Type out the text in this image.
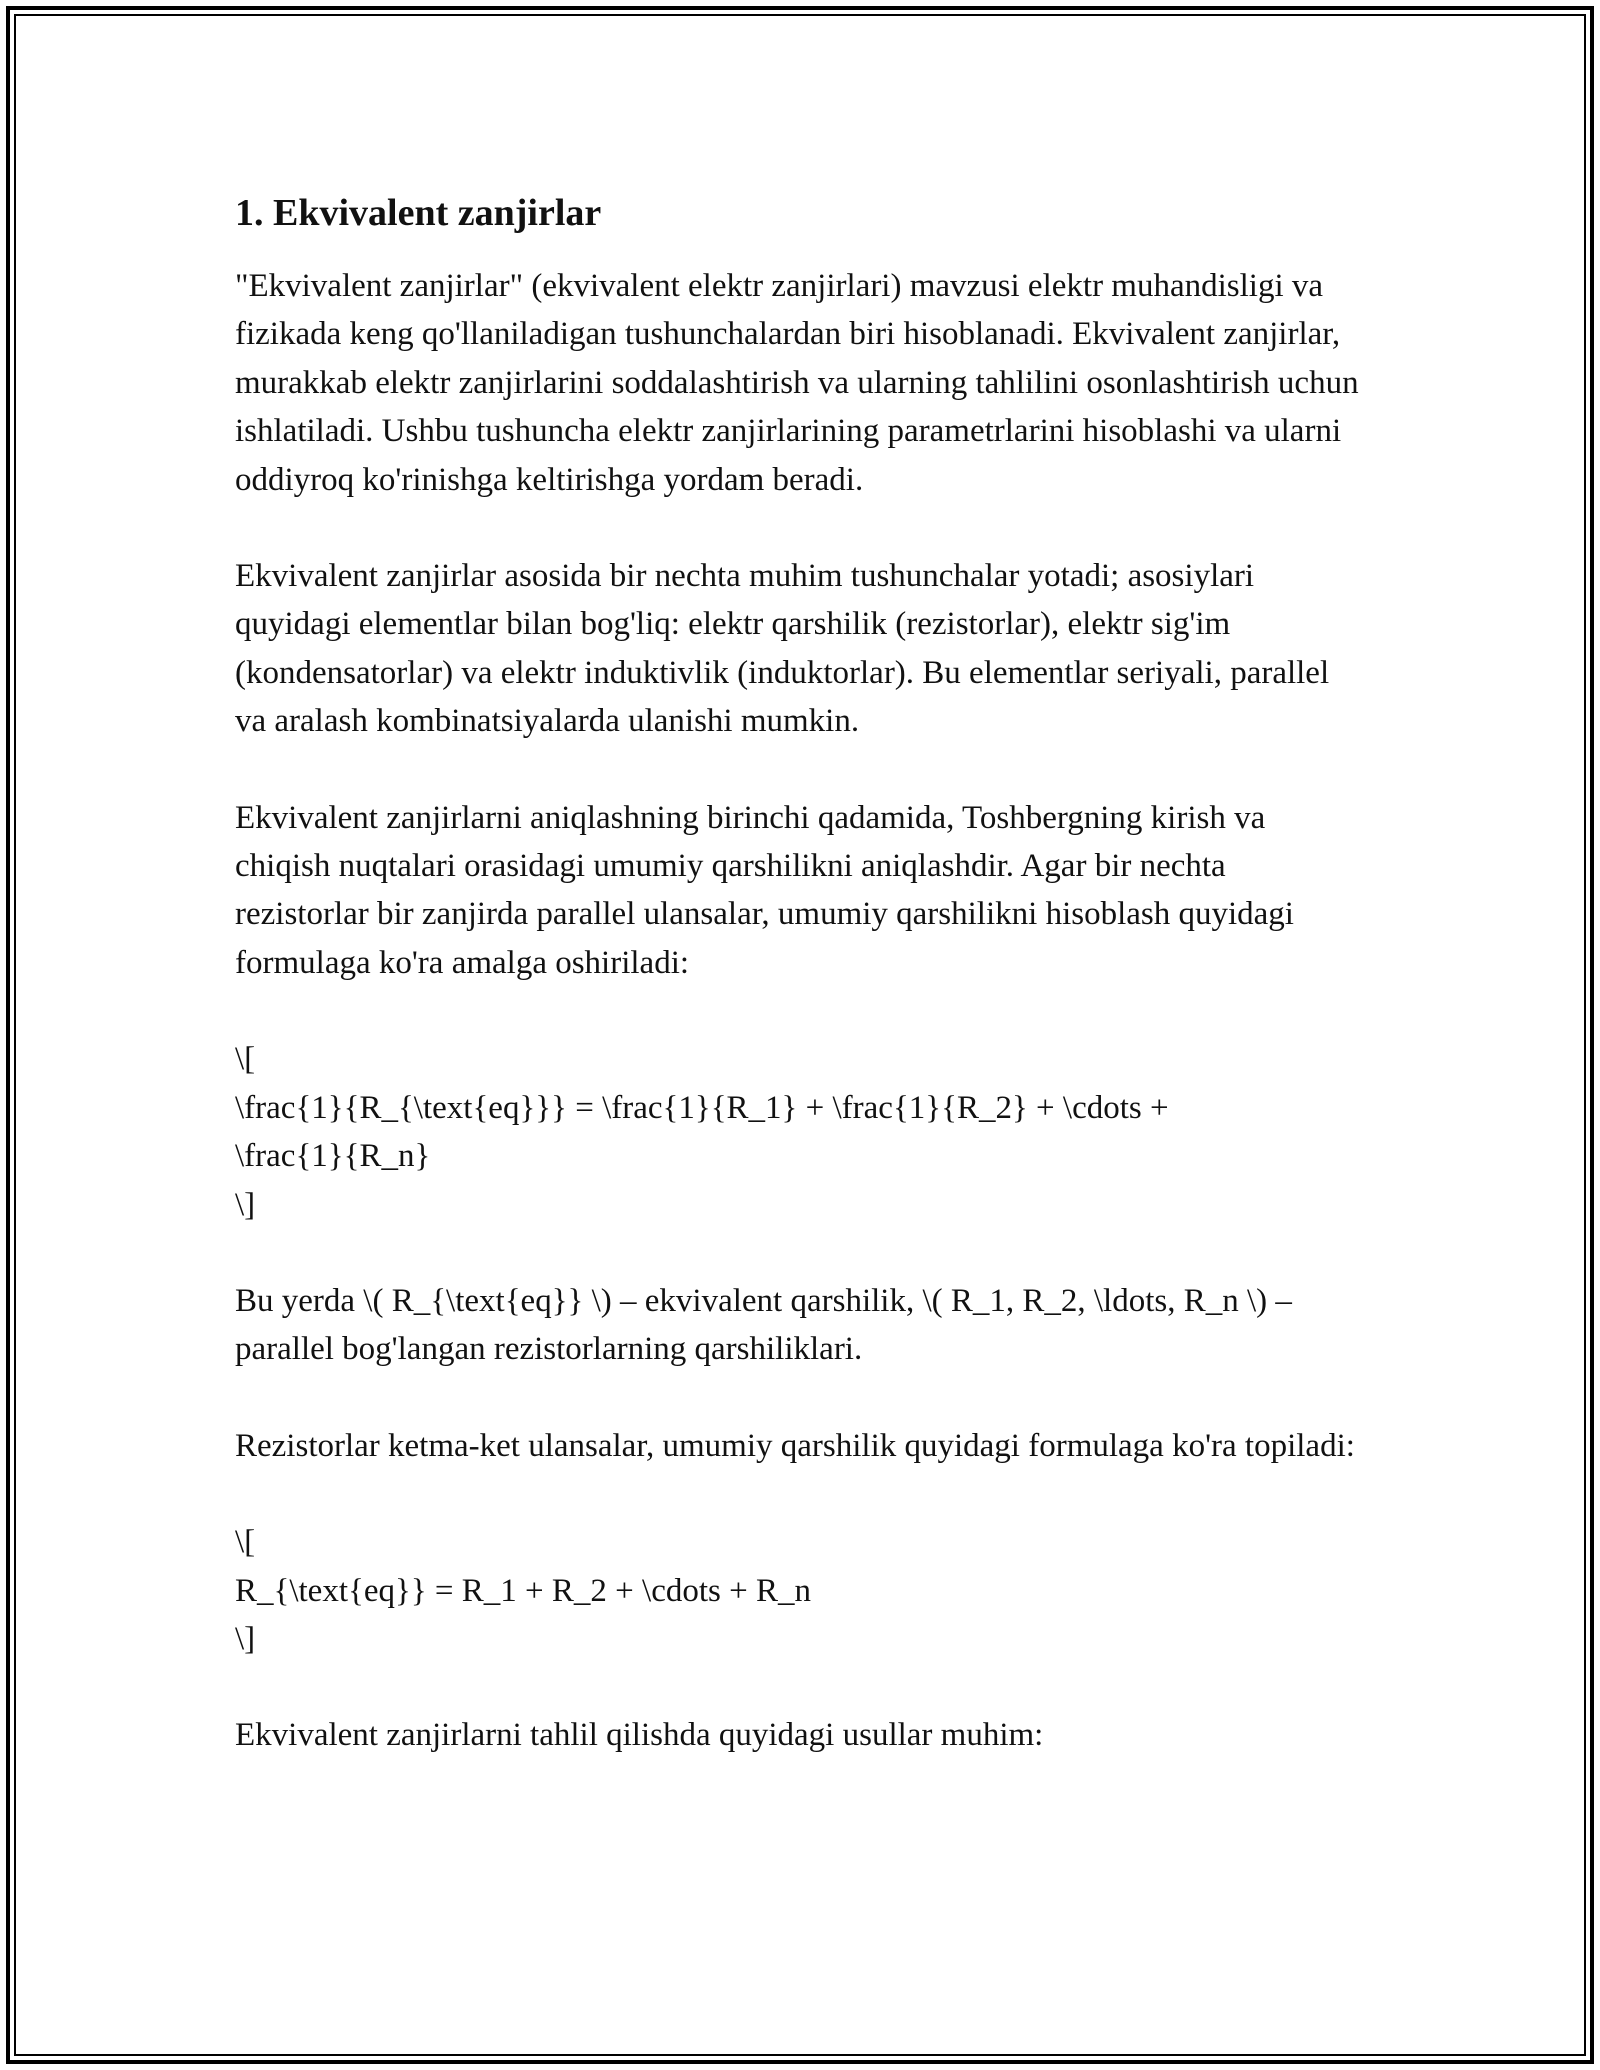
1. Ekvivalent zanjirlar

"Ekvivalent zanjirlar" (ekvivalent elektr zanjirlari) mavzusi elektr muhandisligi va fizikada keng qo'llaniladigan tushunchalardan biri hisoblanadi. Ekvivalent zanjirlar, murakkab elektr zanjirlarini soddalashtirish va ularning tahlilini osonlashtirish uchun ishlatiladi. Ushbu tushuncha elektr zanjirlarining parametrlarini hisoblashi va ularni oddiyroq ko'rinishga keltirishga yordam beradi.

Ekvivalent zanjirlar asosida bir nechta muhim tushunchalar yotadi; asosiylari quyidagi elementlar bilan bog'liq: elektr qarshilik (rezistorlar), elektr sig'im (kondensatorlar) va elektr induktivlik (induktorlar). Bu elementlar seriyali, parallel va aralash kombinatsiyalarda ulanishi mumkin.

Ekvivalent zanjirlarni aniqlashning birinchi qadamida, Toshbergning kirish va chiqish nuqtalari orasidagi umumiy qarshilikni aniqlashdir. Agar bir nechta rezistorlar bir zanjirda parallel ulansalar, umumiy qarshilikni hisoblash quyidagi formulaga ko'ra amalga oshiriladi:

\[
\frac{1}{R_{\text{eq}}} = \frac{1}{R_1} + \frac{1}{R_2} + \cdots +
\frac{1}{R_n}
\]

Bu yerda \( R_{\text{eq}} \) – ekvivalent qarshilik, \( R_1, R_2, \ldots, R_n \) – parallel bog'langan rezistorlarning qarshiliklari.

Rezistorlar ketma-ket ulansalar, umumiy qarshilik quyidagi formulaga ko'ra topiladi:

\[
R_{\text{eq}} = R_1 + R_2 + \cdots + R_n
\]

Ekvivalent zanjirlarni tahlil qilishda quyidagi usullar muhim:
